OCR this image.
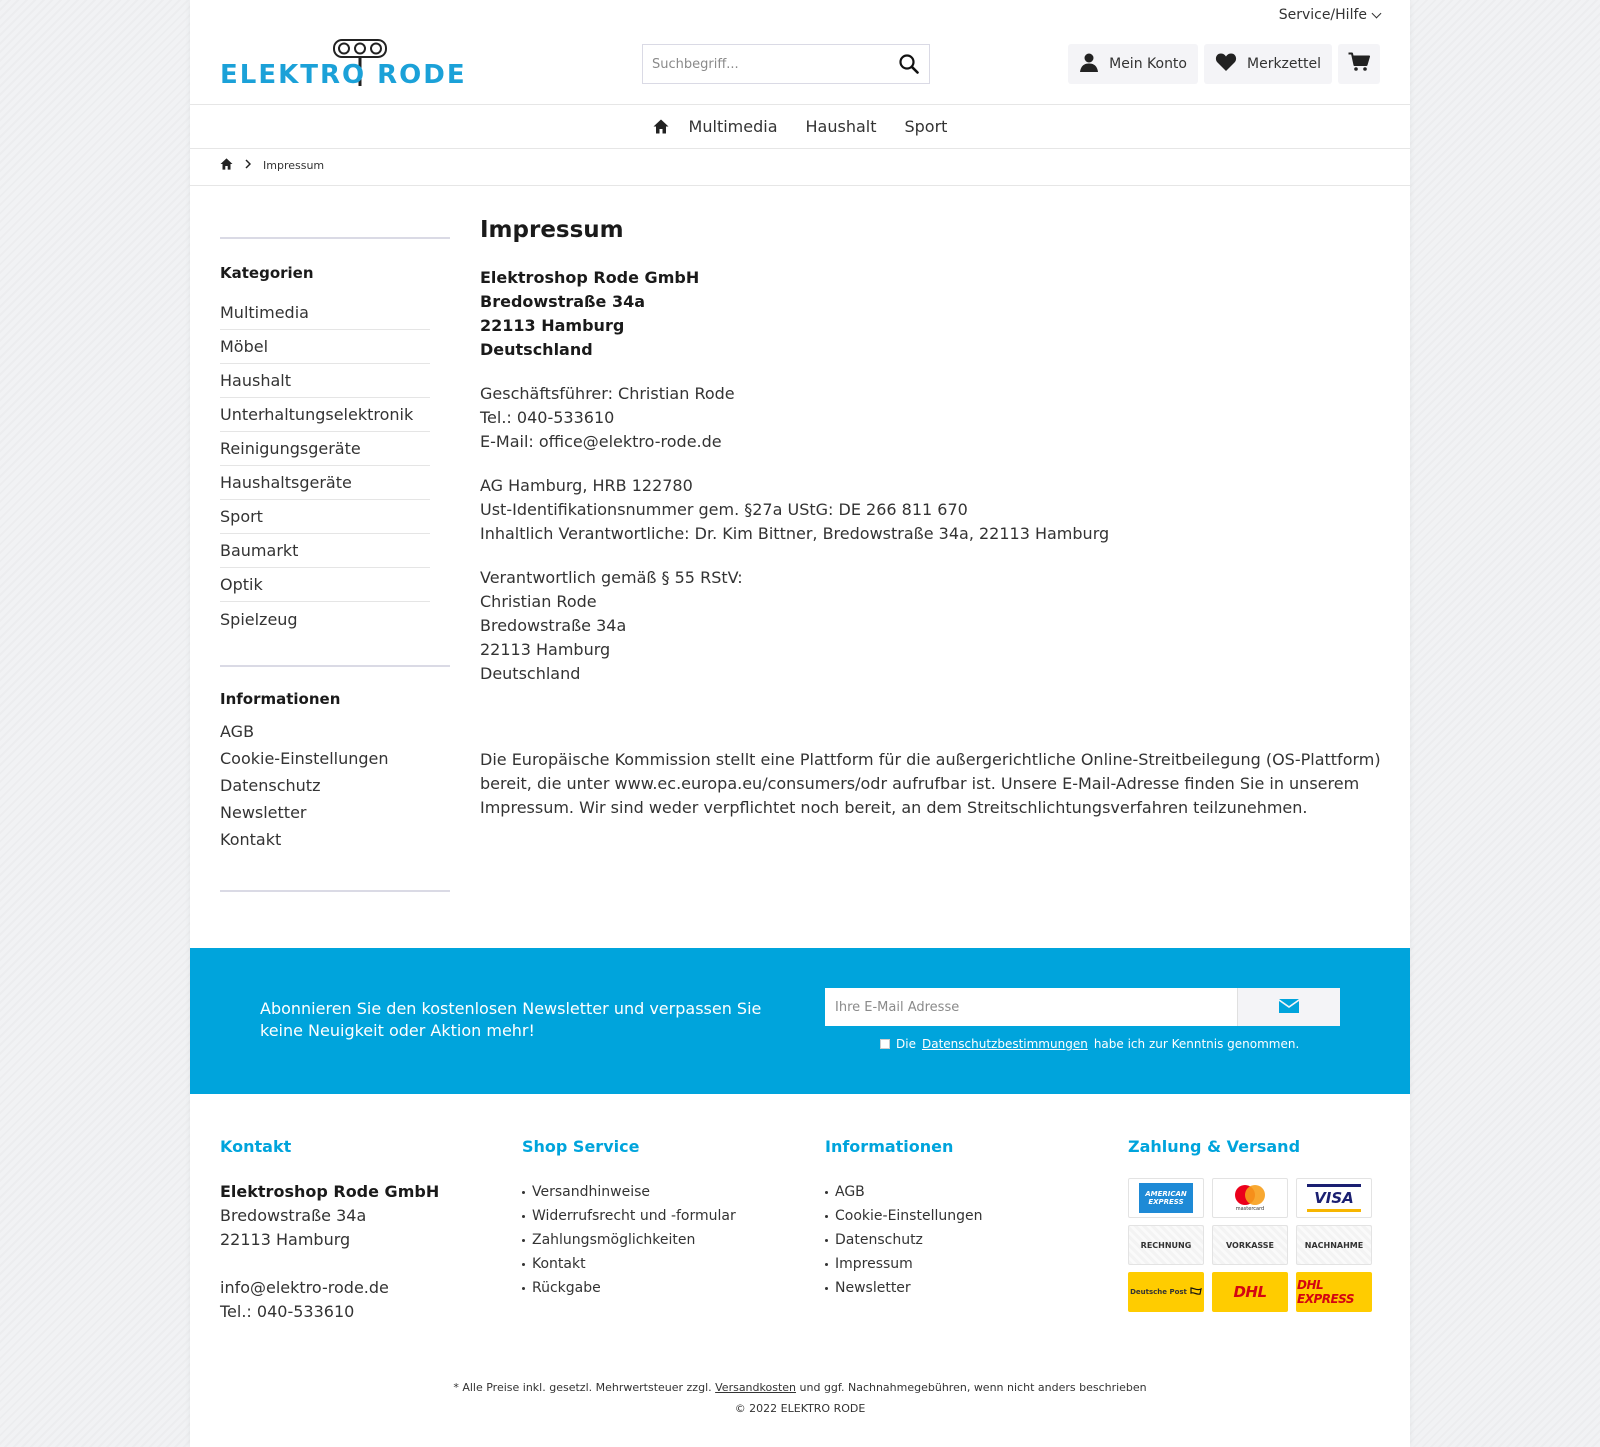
Service/Hilfe
ELEKTRO RODE
Suchbegriff...	Mein Konto	Merkzettel
Multimedia Haushalt Sport
Impressum
Kategorien
Multimedia
Möbel
Haushalt
Unterhaltungselektronik
Reinigungsgeräte
Haushaltsgeräte
Sport
Baumarkt
Optik
Spielzeug
Informationen
AGB
Cookie-Einstellungen
Datenschutz
Newsletter
Kontakt
Impressum

Elektroshop Rode GmbH
Bredowstraße 34a
22113 Hamburg
Deutschland

Geschäftsführer: Christian Rode
Tel.: 040-533610
E-Mail: office@elektro-rode.de

AG Hamburg, HRB 122780
Ust-Identifikationsnummer gem. §27a UStG: DE 266 811 670
Inhaltlich Verantwortliche: Dr. Kim Bittner, Bredowstraße 34a, 22113 Hamburg

Verantwortlich gemäß § 55 RStV:
Christian Rode
Bredowstraße 34a
22113 Hamburg
Deutschland

Die Europäische Kommission stellt eine Plattform für die außergerichtliche Online-Streitbeilegung (OS-Plattform) bereit, die unter www.ec.europa.eu/consumers/odr aufrufbar ist. Unsere E-Mail-Adresse finden Sie in unserem Impressum. Wir sind weder verpflichtet noch bereit, an dem Streitschlichtungsverfahren teilzunehmen.

Abonnieren Sie den kostenlosen Newsletter und verpassen Sie keine Neuigkeit oder Aktion mehr!
Ihre E-Mail Adresse
Die Datenschutzbestimmungen habe ich zur Kenntnis genommen.
Kontakt
Elektroshop Rode GmbH
Bredowstraße 34a
22113 Hamburg
info@elektro-rode.de
Tel.: 040-533610
Shop Service
Versandhinweise
Widerrufsrecht und -formular
Zahlungsmöglichkeiten
Kontakt
Rückgabe
Informationen
AGB
Cookie-Einstellungen
Datenschutz
Impressum
Newsletter
Zahlung & Versand
AMERICAN EXPRESS
mastercard
VISA
RECHNUNG	VORKASSE	NACHNAHME
Deutsche Post	DHL	DHL EXPRESS
* Alle Preise inkl. gesetzl. Mehrwertsteuer zzgl. Versandkosten und ggf. Nachnahmegebühren, wenn nicht anders beschrieben
© 2022 ELEKTRO RODE
